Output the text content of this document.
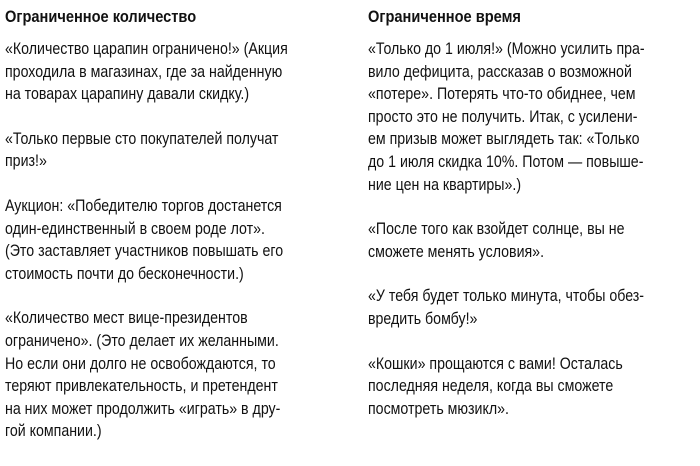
Ограниченное количество
«Количество царапин ограничено!» (Акция
проходила в магазинах, где за найденную
на товарах царапину давали скидку.)
«Только первые сто покупателей получат
приз!»
Аукцион: «Победителю торгов достанется
один-единственный в своем роде лот».
(Это заставляет участников повышать его
стоимость почти до бесконечности.)
«Количество мест вице-президентов
ограничено». (Это делает их желанными.
Но если они долго не освобождаются, то
теряют привлекательность, и претендент
на них может продолжить «играть» в дру-
гой компании.)
Ограниченное время
«Только до 1 июля!» (Можно усилить пра-
вило дефицита, рассказав о возможной
«потере». Потерять что-то обиднее, чем
просто это не получить. Итак, с усилени-
ем призыв может выглядеть так: «Только
до 1 июля скидка 10%. Потом — повыше-
ние цен на квартиры».)
«После того как взойдет солнце, вы не
сможете менять условия».
«У тебя будет только минута, чтобы обез-
вредить бомбу!»
«Кошки» прощаются с вами! Осталась
последняя неделя, когда вы сможете
посмотреть мюзикл».
